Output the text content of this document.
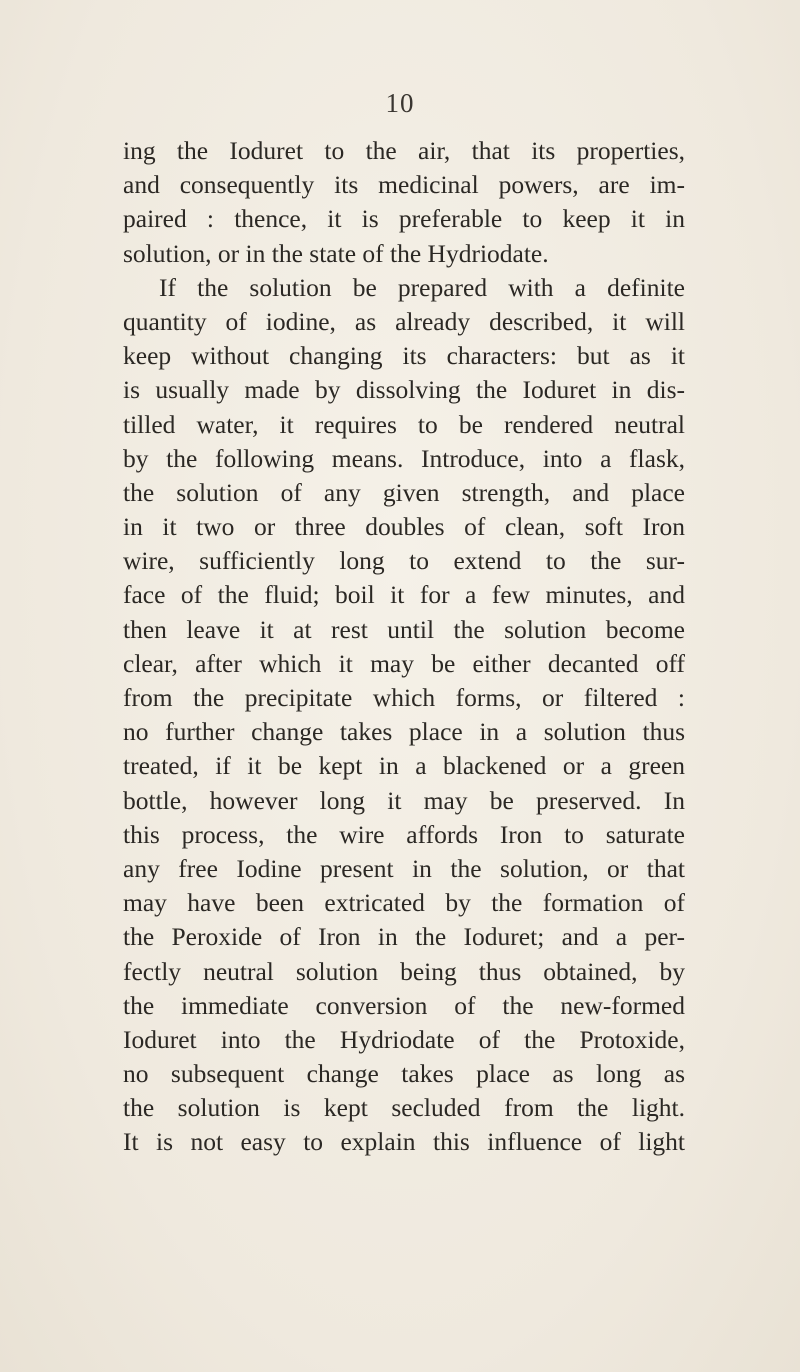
10
ing the Ioduret to the air, that its properties,
and consequently its medicinal powers, are im-
paired : thence, it is preferable to keep it in
solution, or in the state of the Hydriodate.
If the solution be prepared with a definite
quantity of iodine, as already described, it will
keep without changing its characters: but as it
is usually made by dissolving the Ioduret in dis-
tilled water, it requires to be rendered neutral
by the following means. Introduce, into a flask,
the solution of any given strength, and place
in it two or three doubles of clean, soft Iron
wire, sufficiently long to extend to the sur-
face of the fluid; boil it for a few minutes, and
then leave it at rest until the solution become
clear, after which it may be either decanted off
from the precipitate which forms, or filtered :
no further change takes place in a solution thus
treated, if it be kept in a blackened or a green
bottle, however long it may be preserved. In
this process, the wire affords Iron to saturate
any free Iodine present in the solution, or that
may have been extricated by the formation of
the Peroxide of Iron in the Ioduret; and a per-
fectly neutral solution being thus obtained, by
the immediate conversion of the new-formed
Ioduret into the Hydriodate of the Protoxide,
no subsequent change takes place as long as
the solution is kept secluded from the light.
It is not easy to explain this influence of light
